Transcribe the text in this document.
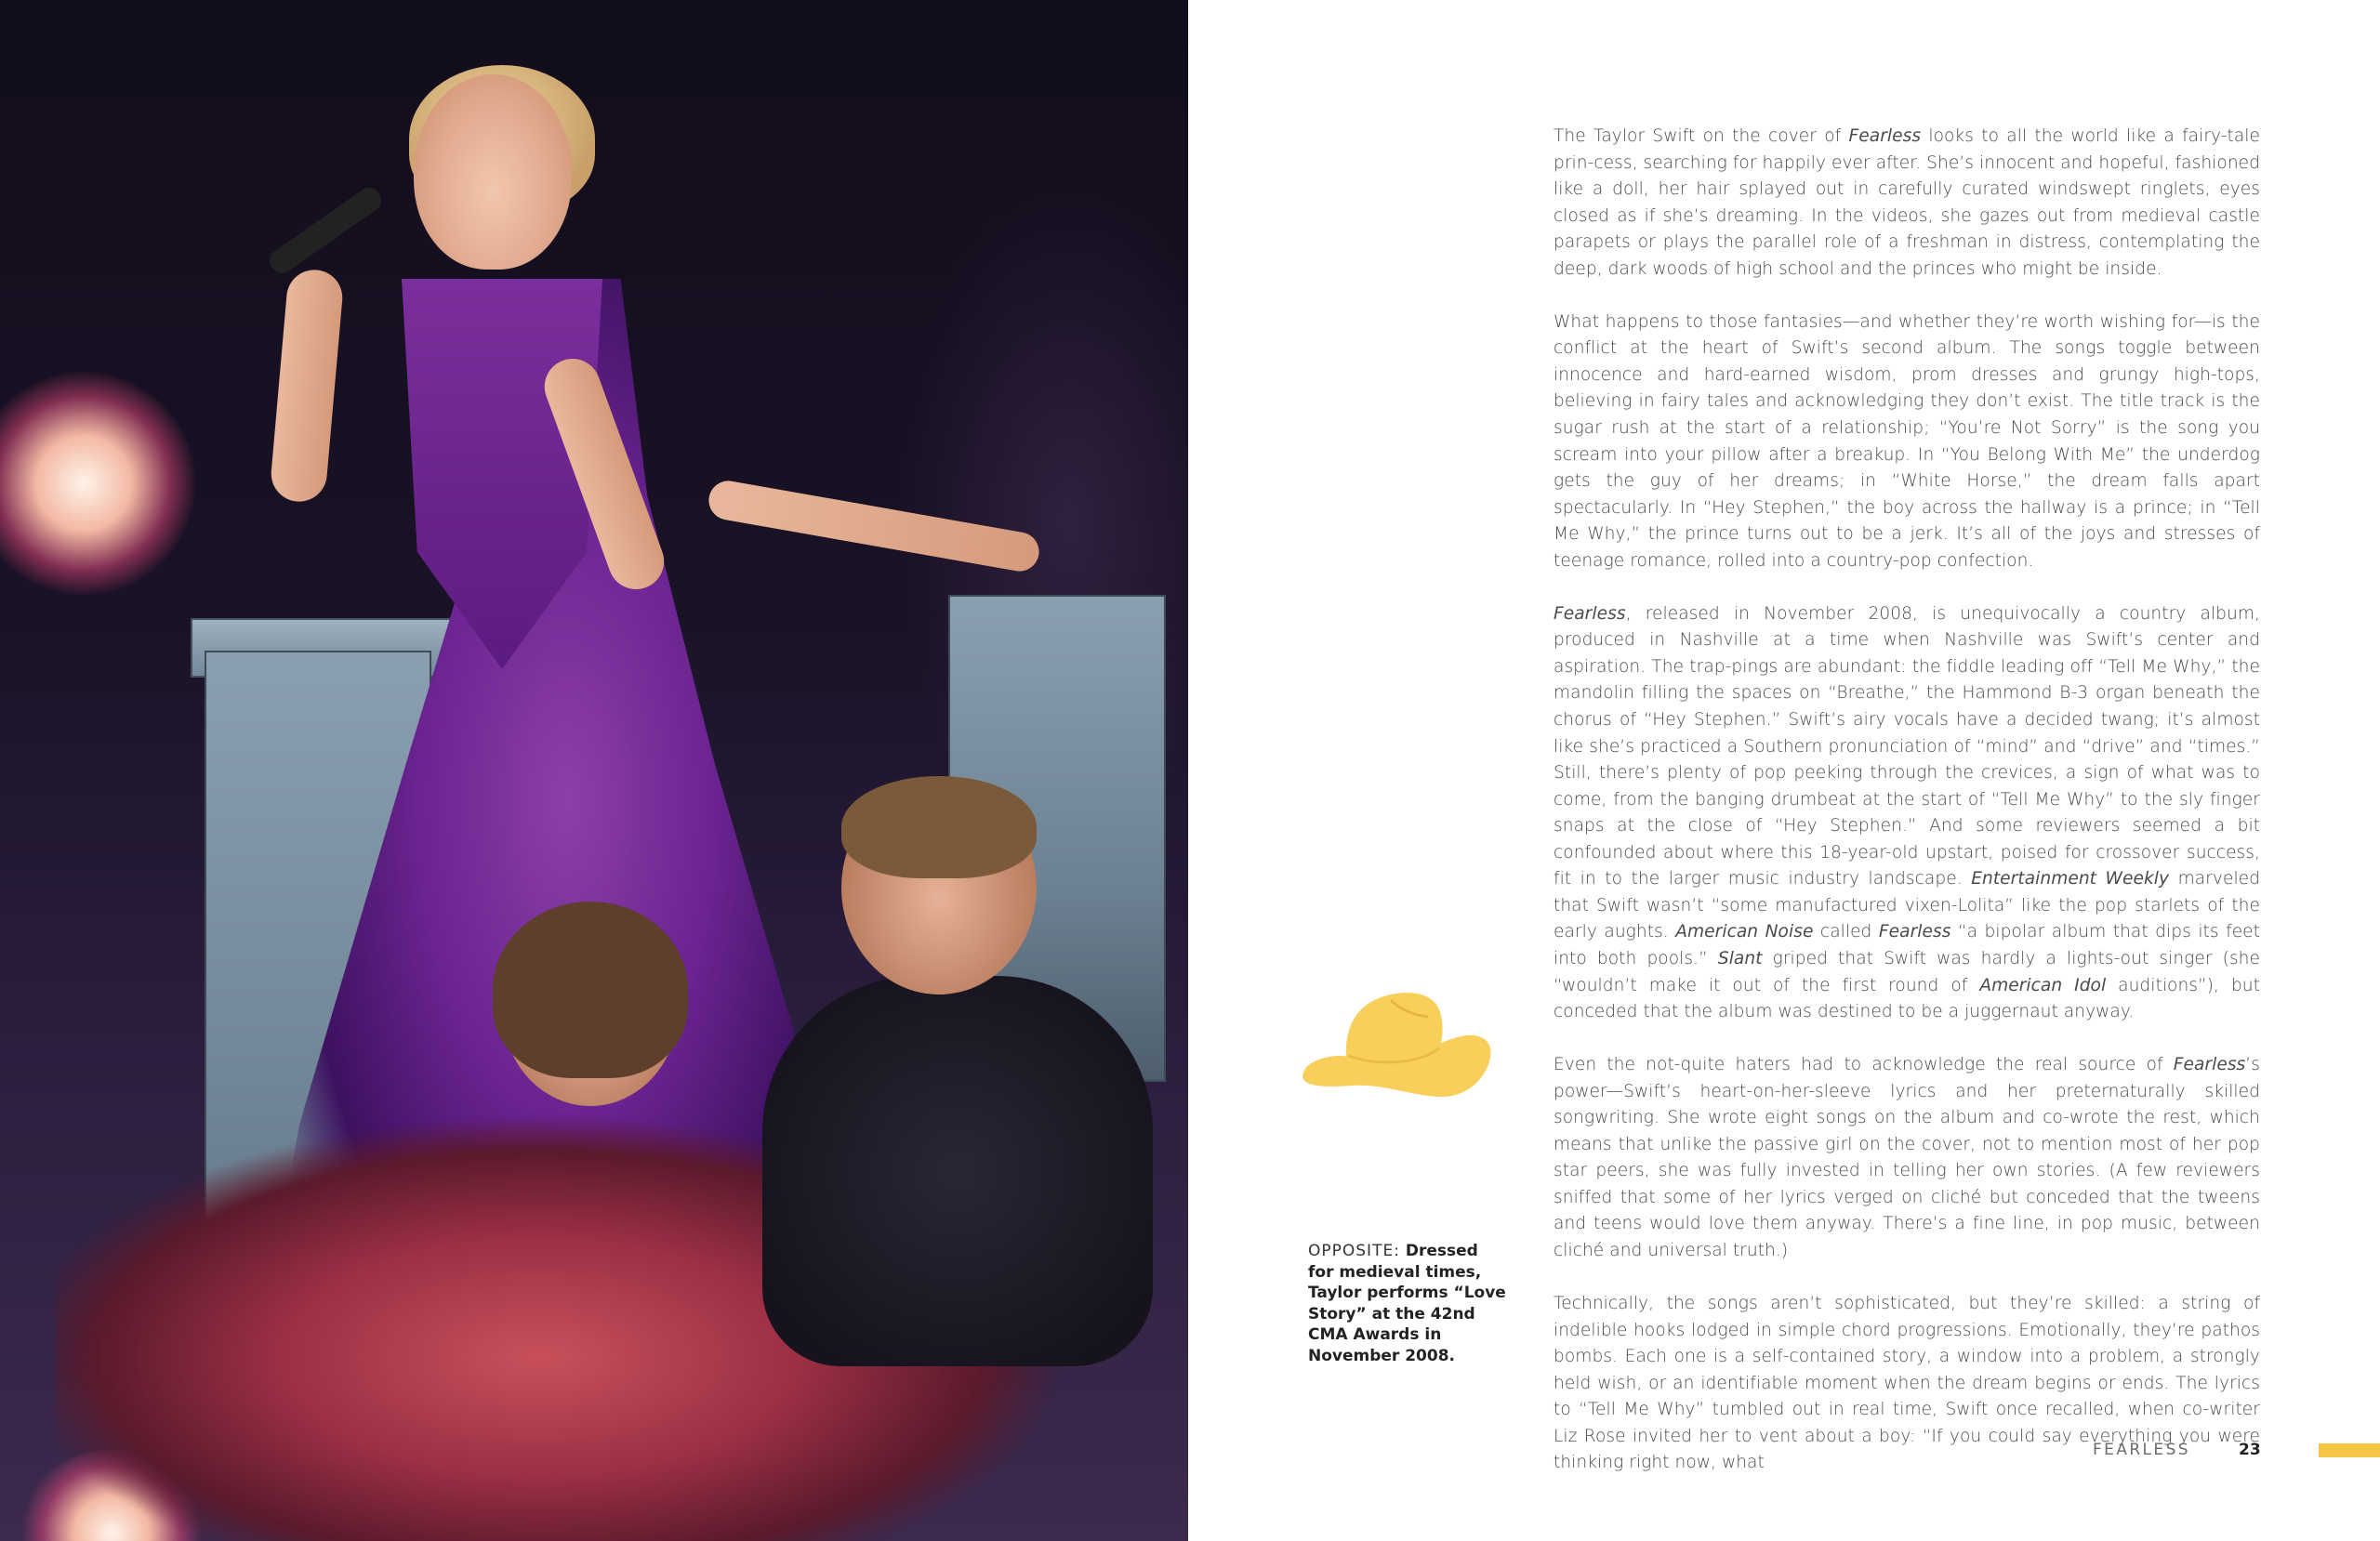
The Taylor Swift on the cover of Fearless looks to all the world like a fairy-tale prin-cess, searching for happily ever after. She’s innocent and hopeful, fashioned like a doll, her hair splayed out in carefully curated windswept ringlets, eyes closed as if she’s dreaming. In the videos, she gazes out from medieval castle parapets or plays the parallel role of a freshman in distress, contemplating the deep, dark woods of high school and the princes who might be inside.

What happens to those fantasies—and whether they’re worth wishing for—is the conflict at the heart of Swift’s second album. The songs toggle between innocence and hard-earned wisdom, prom dresses and grungy high-tops, believing in fairy tales and acknowledging they don’t exist. The title track is the sugar rush at the start of a relationship; “You’re Not Sorry” is the song you scream into your pillow after a breakup. In “You Belong With Me” the underdog gets the guy of her dreams; in “White Horse,” the dream falls apart spectacularly. In “Hey Stephen,” the boy across the hallway is a prince; in “Tell Me Why,” the prince turns out to be a jerk. It’s all of the joys and stresses of teenage romance, rolled into a country-pop confection.

Fearless, released in November 2008, is unequivocally a country album, produced in Nashville at a time when Nashville was Swift’s center and aspiration. The trap-pings are abundant: the fiddle leading off “Tell Me Why,” the mandolin filling the spaces on “Breathe,” the Hammond B-3 organ beneath the chorus of “Hey Stephen.” Swift’s airy vocals have a decided twang; it’s almost like she’s practiced a Southern pronunciation of “mind” and “drive” and “times.” Still, there’s plenty of pop peeking through the crevices, a sign of what was to come, from the banging drumbeat at the start of “Tell Me Why” to the sly finger snaps at the close of “Hey Stephen.” And some reviewers seemed a bit confounded about where this 18-year-old upstart, poised for crossover success, fit in to the larger music industry landscape. Entertainment Weekly marveled that Swift wasn’t “some manufactured vixen-Lolita” like the pop starlets of the early aughts. American Noise called Fearless “a bipolar album that dips its feet into both pools.” Slant griped that Swift was hardly a lights-out singer (she “wouldn’t make it out of the first round of American Idol auditions”), but conceded that the album was destined to be a juggernaut anyway.

Even the not-quite haters had to acknowledge the real source of Fearless’s power—Swift’s heart-on-her-sleeve lyrics and her preternaturally skilled songwriting. She wrote eight songs on the album and co-wrote the rest, which means that unlike the passive girl on the cover, not to mention most of her pop star peers, she was fully invested in telling her own stories. (A few reviewers sniffed that some of her lyrics verged on cliché but conceded that the tweens and teens would love them anyway. There’s a fine line, in pop music, between cliché and universal truth.)

Technically, the songs aren’t sophisticated, but they’re skilled: a string of indelible hooks lodged in simple chord progressions. Emotionally, they’re pathos bombs. Each one is a self-contained story, a window into a problem, a strongly held wish, or an identifiable moment when the dream begins or ends. The lyrics to “Tell Me Why” tumbled out in real time, Swift once recalled, when co-writer Liz Rose invited her to vent about a boy: “If you could say everything you were thinking right now, what

OPPOSITE: Dressed for medieval times, Taylor performs “Love Story” at the 42nd CMA Awards in November 2008.
FEARLESS	23
